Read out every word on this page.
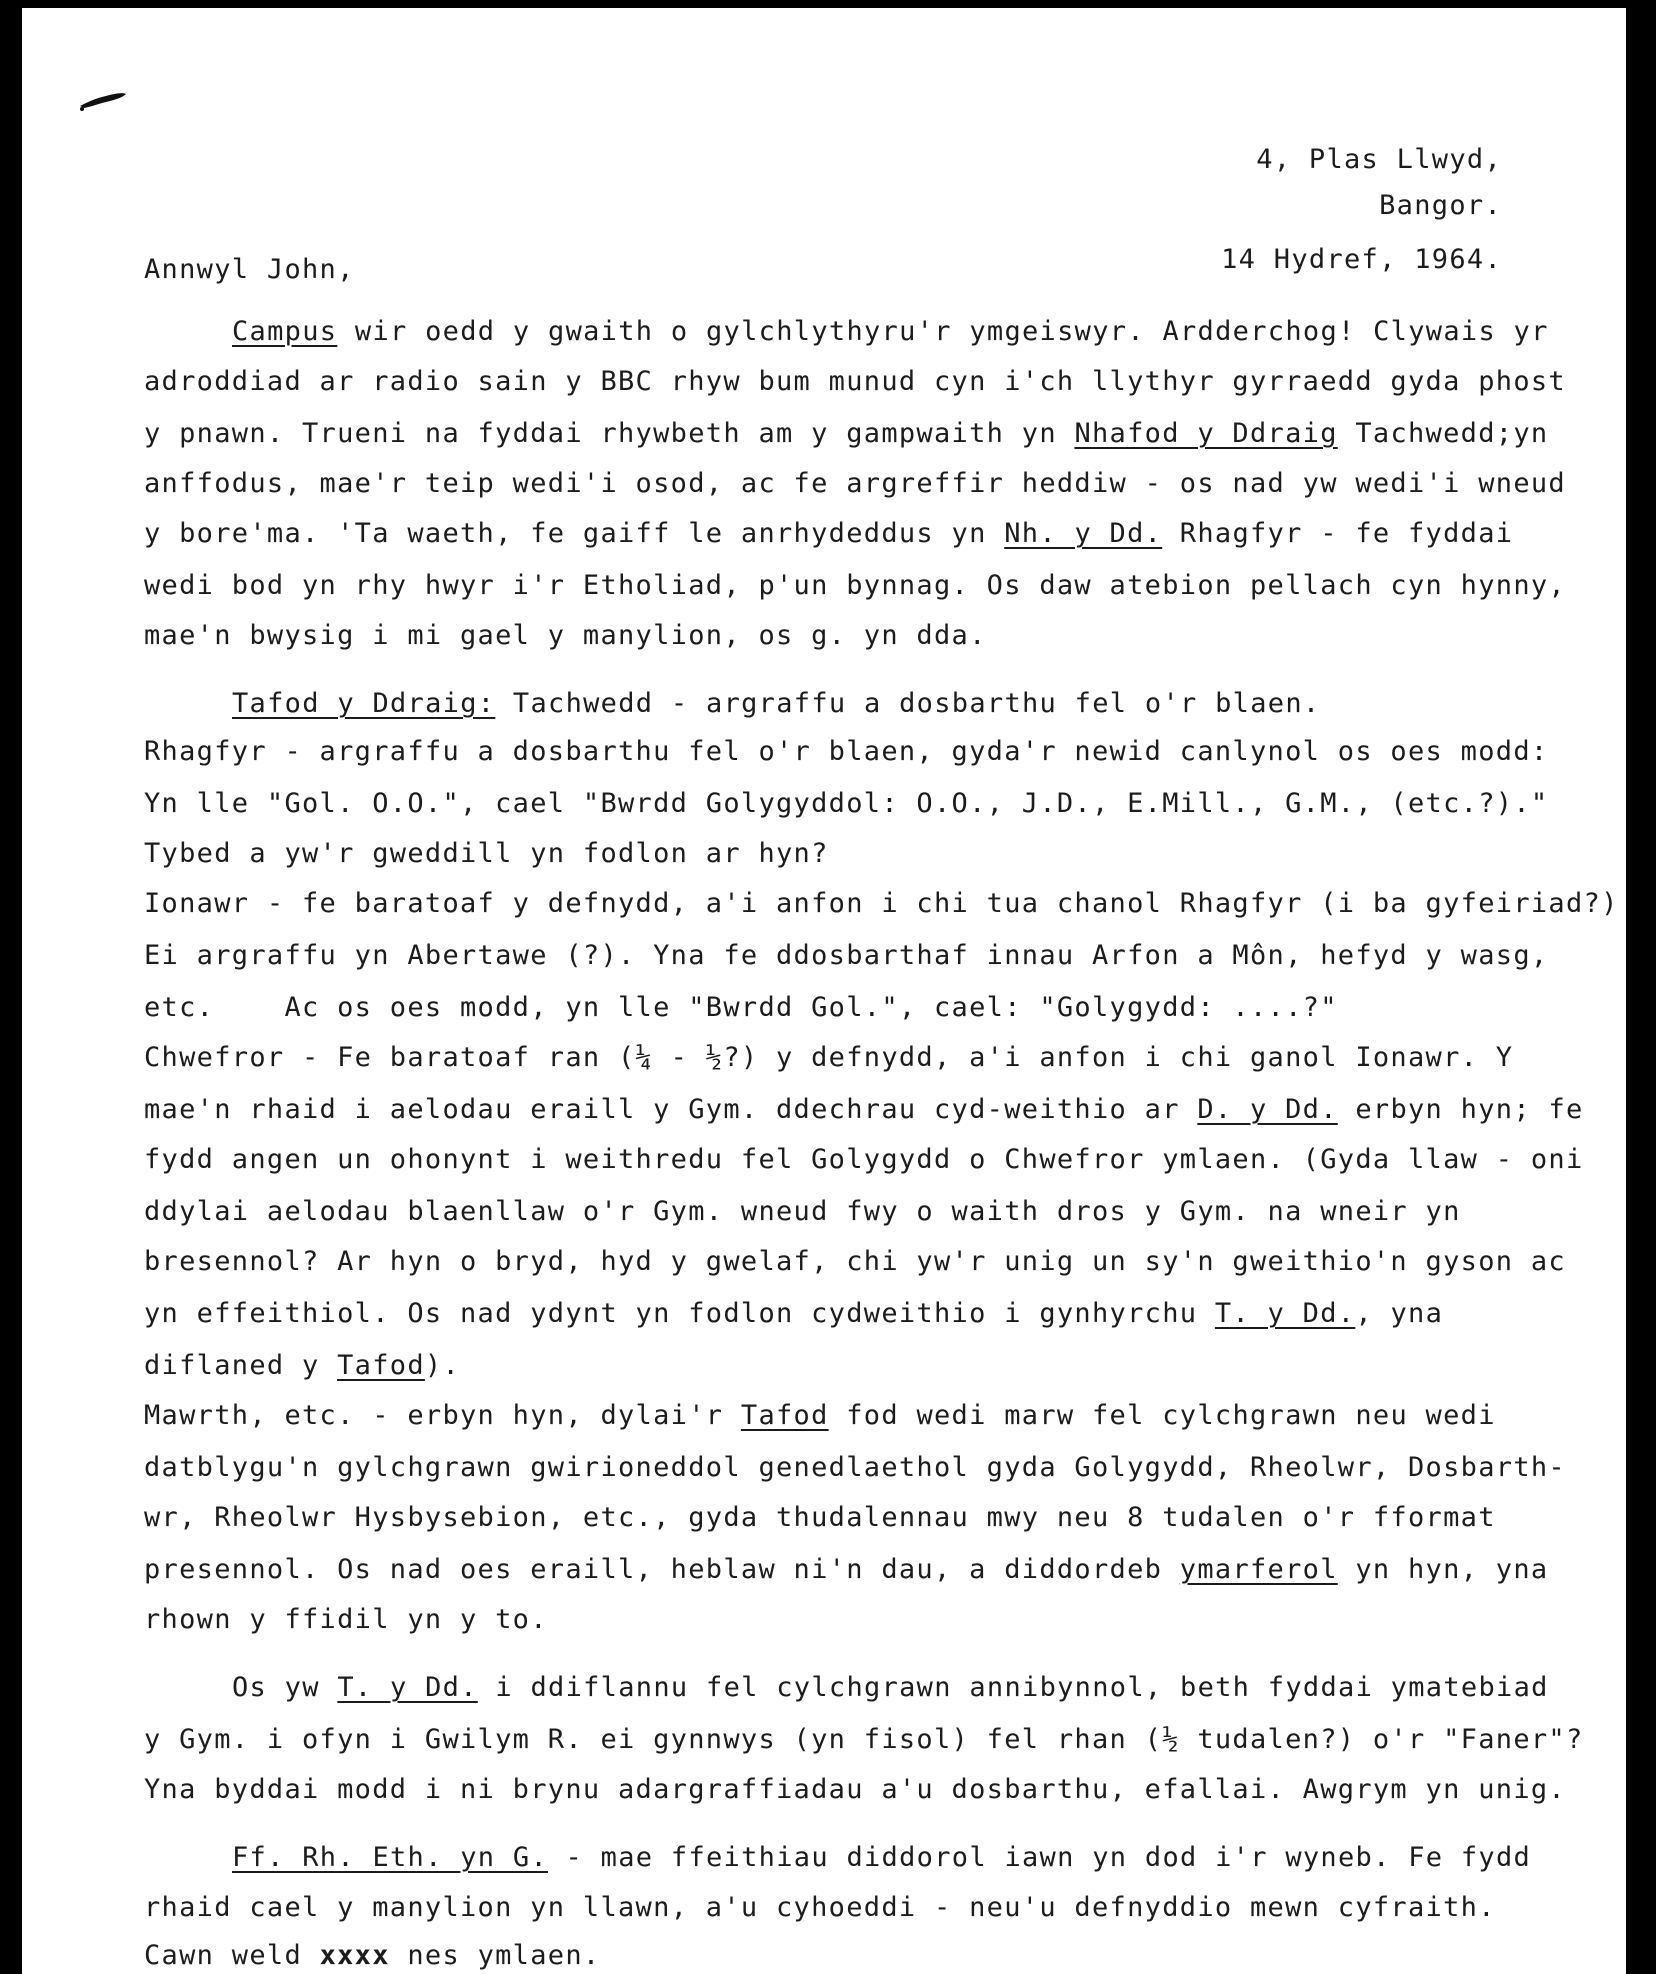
4, Plas Llwyd,
Bangor.
14 Hydref, 1964.
Annwyl John,
Campus wir oedd y gwaith o gylchlythyru'r ymgeiswyr. Ardderchog! Clywais yr
adroddiad ar radio sain y BBC rhyw bum munud cyn i'ch llythyr gyrraedd gyda phost
y pnawn. Trueni na fyddai rhywbeth am y gampwaith yn Nhafod y Ddraig Tachwedd;yn
anffodus, mae'r teip wedi'i osod, ac fe argreffir heddiw - os nad yw wedi'i wneud
y bore'ma. 'Ta waeth, fe gaiff le anrhydeddus yn Nh. y Dd. Rhagfyr - fe fyddai
wedi bod yn rhy hwyr i'r Etholiad, p'un bynnag. Os daw atebion pellach cyn hynny,
mae'n bwysig i mi gael y manylion, os g. yn dda.
Tafod y Ddraig: Tachwedd - argraffu a dosbarthu fel o'r blaen.
Rhagfyr - argraffu a dosbarthu fel o'r blaen, gyda'r newid canlynol os oes modd:
Yn lle "Gol. O.O.", cael "Bwrdd Golygyddol: O.O., J.D., E.Mill., G.M., (etc.?)."
Tybed a yw'r gweddill yn fodlon ar hyn?
Ionawr - fe baratoaf y defnydd, a'i anfon i chi tua chanol Rhagfyr (i ba gyfeiriad?)
Ei argraffu yn Abertawe (?). Yna fe ddosbarthaf innau Arfon a Môn, hefyd y wasg,
etc.    Ac os oes modd, yn lle "Bwrdd Gol.", cael: "Golygydd: ....?"
Chwefror - Fe baratoaf ran (¼ - ½?) y defnydd, a'i anfon i chi ganol Ionawr. Y
mae'n rhaid i aelodau eraill y Gym. ddechrau cyd-weithio ar D. y Dd. erbyn hyn; fe
fydd angen un ohonynt i weithredu fel Golygydd o Chwefror ymlaen. (Gyda llaw - oni
ddylai aelodau blaenllaw o'r Gym. wneud fwy o waith dros y Gym. na wneir yn
bresennol? Ar hyn o bryd, hyd y gwelaf, chi yw'r unig un sy'n gweithio'n gyson ac
yn effeithiol. Os nad ydynt yn fodlon cydweithio i gynhyrchu T. y Dd., yna
diflaned y Tafod).
Mawrth, etc. - erbyn hyn, dylai'r Tafod fod wedi marw fel cylchgrawn neu wedi
datblygu'n gylchgrawn gwirioneddol genedlaethol gyda Golygydd, Rheolwr, Dosbarth-
wr, Rheolwr Hysbysebion, etc., gyda thudalennau mwy neu 8 tudalen o'r fformat
presennol. Os nad oes eraill, heblaw ni'n dau, a diddordeb ymarferol yn hyn, yna
rhown y ffidil yn y to.
Os yw T. y Dd. i ddiflannu fel cylchgrawn annibynnol, beth fyddai ymatebiad
y Gym. i ofyn i Gwilym R. ei gynnwys (yn fisol) fel rhan (½ tudalen?) o'r "Faner"?
Yna byddai modd i ni brynu adargraffiadau a'u dosbarthu, efallai. Awgrym yn unig.
Ff. Rh. Eth. yn G. - mae ffeithiau diddorol iawn yn dod i'r wyneb. Fe fydd
rhaid cael y manylion yn llawn, a'u cyhoeddi - neu'u defnyddio mewn cyfraith.
Cawn weld xxxx nes ymlaen.
